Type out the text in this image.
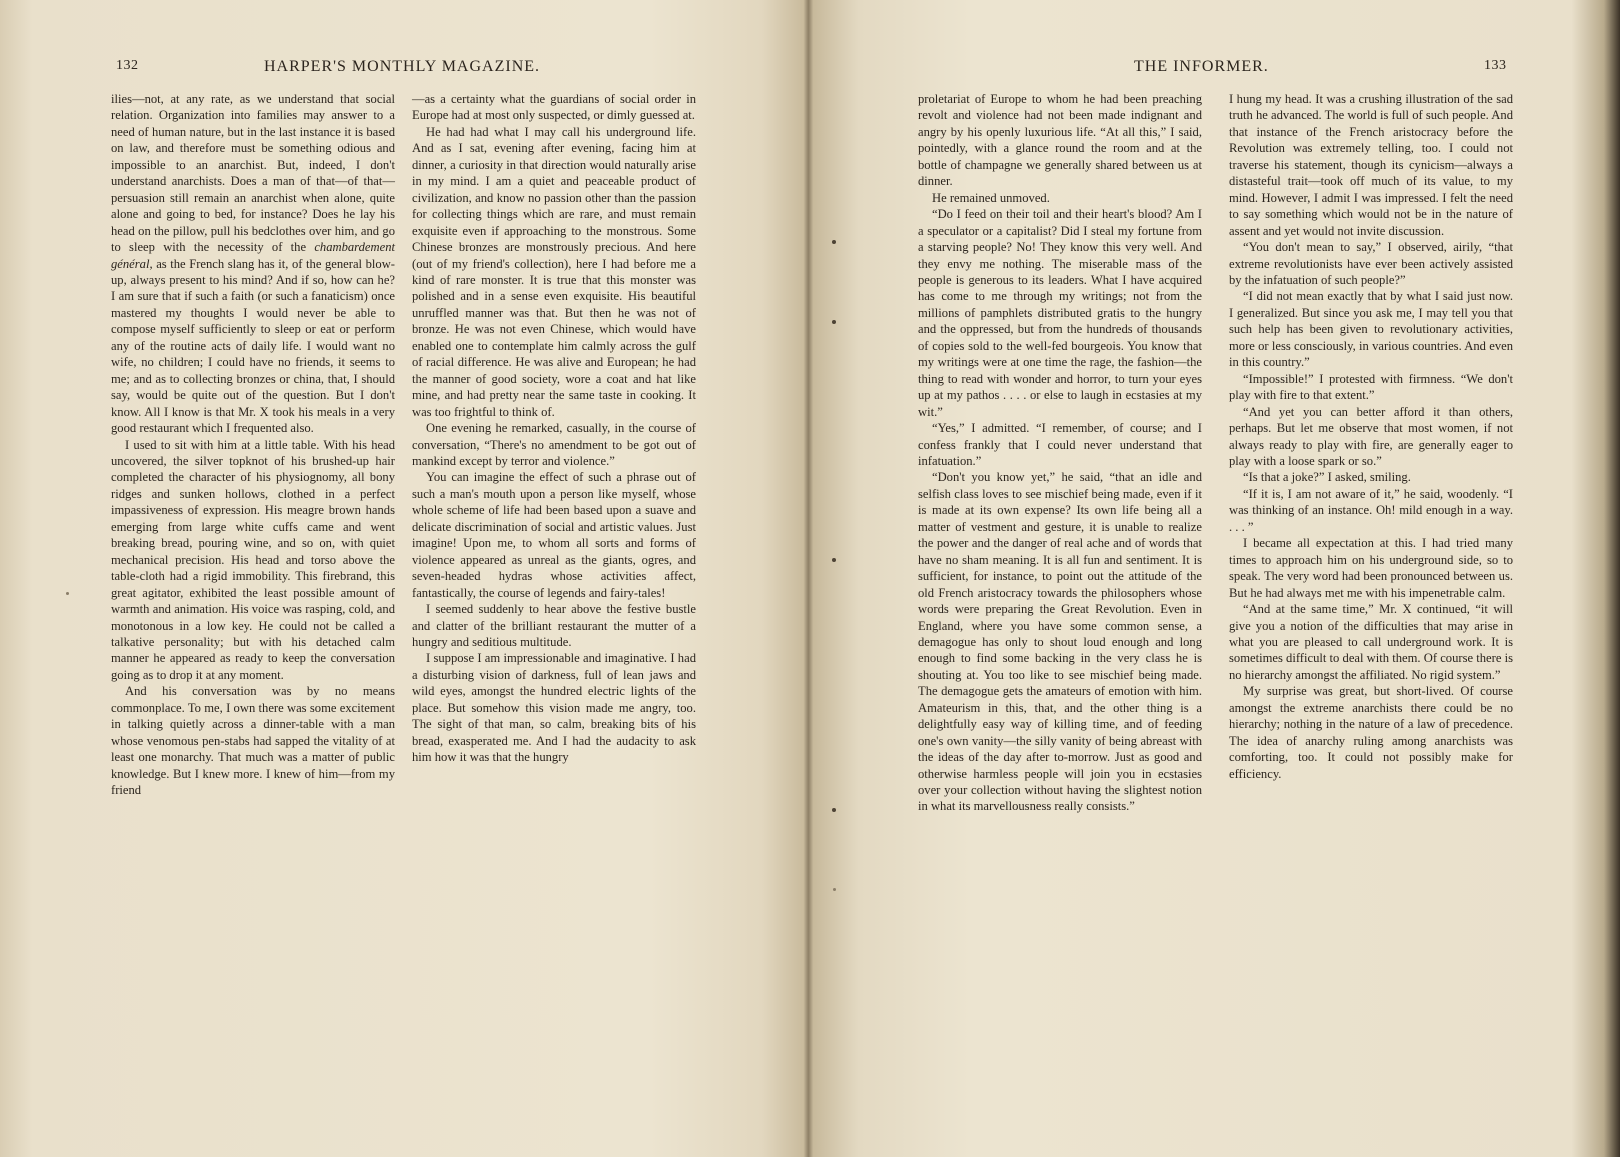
132	HARPER'S MONTHLY MAGAZINE.

ilies—not, at any rate, as we understand that social relation. Organization into families may answer to a need of human nature, but in the last instance it is based on law, and therefore must be something odious and impossible to an anarchist. But, indeed, I don't understand anarchists. Does a man of that—of that—persuasion still remain an anarchist when alone, quite alone and going to bed, for instance? Does he lay his head on the pillow, pull his bedclothes over him, and go to sleep with the necessity of the chambardement général, as the French slang has it, of the general blow-up, always present to his mind? And if so, how can he? I am sure that if such a faith (or such a fanaticism) once mastered my thoughts I would never be able to compose myself sufficiently to sleep or eat or perform any of the routine acts of daily life. I would want no wife, no children; I could have no friends, it seems to me; and as to collecting bronzes or china, that, I should say, would be quite out of the question. But I don't know. All I know is that Mr. X took his meals in a very good restaurant which I frequented also.

I used to sit with him at a little table. With his head uncovered, the silver topknot of his brushed-up hair completed the character of his physiognomy, all bony ridges and sunken hollows, clothed in a perfect impassiveness of expression. His meagre brown hands emerging from large white cuffs came and went breaking bread, pouring wine, and so on, with quiet mechanical precision. His head and torso above the table-cloth had a rigid immobility. This firebrand, this great agitator, exhibited the least possible amount of warmth and animation. His voice was rasping, cold, and monotonous in a low key. He could not be called a talkative personality; but with his detached calm manner he appeared as ready to keep the conversation going as to drop it at any moment.

And his conversation was by no means commonplace. To me, I own there was some excitement in talking quietly across a dinner-table with a man whose venomous pen-stabs had sapped the vitality of at least one monarchy. That much was a matter of public knowledge. But I knew more. I knew of him—from my friend

—as a certainty what the guardians of social order in Europe had at most only suspected, or dimly guessed at.

He had had what I may call his underground life. And as I sat, evening after evening, facing him at dinner, a curiosity in that direction would naturally arise in my mind. I am a quiet and peaceable product of civilization, and know no passion other than the passion for collecting things which are rare, and must remain exquisite even if approaching to the monstrous. Some Chinese bronzes are monstrously precious. And here (out of my friend's collection), here I had before me a kind of rare monster. It is true that this monster was polished and in a sense even exquisite. His beautiful unruffled manner was that. But then he was not of bronze. He was not even Chinese, which would have enabled one to contemplate him calmly across the gulf of racial difference. He was alive and European; he had the manner of good society, wore a coat and hat like mine, and had pretty near the same taste in cooking. It was too frightful to think of.

One evening he remarked, casually, in the course of conversation, “There's no amendment to be got out of mankind except by terror and violence.”

You can imagine the effect of such a phrase out of such a man's mouth upon a person like myself, whose whole scheme of life had been based upon a suave and delicate discrimination of social and artistic values. Just imagine! Upon me, to whom all sorts and forms of violence appeared as unreal as the giants, ogres, and seven-headed hydras whose activities affect, fantastically, the course of legends and fairy-tales!

I seemed suddenly to hear above the festive bustle and clatter of the brilliant restaurant the mutter of a hungry and seditious multitude.

I suppose I am impressionable and imaginative. I had a disturbing vision of darkness, full of lean jaws and wild eyes, amongst the hundred electric lights of the place. But somehow this vision made me angry, too. The sight of that man, so calm, breaking bits of his bread, exasperated me. And I had the audacity to ask him how it was that the hungry

THE INFORMER.	133

proletariat of Europe to whom he had been preaching revolt and violence had not been made indignant and angry by his openly luxurious life. “At all this,” I said, pointedly, with a glance round the room and at the bottle of champagne we generally shared between us at dinner.

He remained unmoved.

“Do I feed on their toil and their heart's blood? Am I a speculator or a capitalist? Did I steal my fortune from a starving people? No! They know this very well. And they envy me nothing. The miserable mass of the people is generous to its leaders. What I have acquired has come to me through my writings; not from the millions of pamphlets distributed gratis to the hungry and the oppressed, but from the hundreds of thousands of copies sold to the well-fed bourgeois. You know that my writings were at one time the rage, the fashion—the thing to read with wonder and horror, to turn your eyes up at my pathos . . . . or else to laugh in ecstasies at my wit.”

“Yes,” I admitted. “I remember, of course; and I confess frankly that I could never understand that infatuation.”

“Don't you know yet,” he said, “that an idle and selfish class loves to see mischief being made, even if it is made at its own expense? Its own life being all a matter of vestment and gesture, it is unable to realize the power and the danger of real ache and of words that have no sham meaning. It is all fun and sentiment. It is sufficient, for instance, to point out the attitude of the old French aristocracy towards the philosophers whose words were preparing the Great Revolution. Even in England, where you have some common sense, a demagogue has only to shout loud enough and long enough to find some backing in the very class he is shouting at. You too like to see mischief being made. The demagogue gets the amateurs of emotion with him. Amateurism in this, that, and the other thing is a delightfully easy way of killing time, and of feeding one's own vanity—the silly vanity of being abreast with the ideas of the day after to-morrow. Just as good and otherwise harmless people will join you in ecstasies over your collection without having the slightest notion in what its marvellousness really consists.”

I hung my head. It was a crushing illustration of the sad truth he advanced. The world is full of such people. And that instance of the French aristocracy before the Revolution was extremely telling, too. I could not traverse his statement, though its cynicism—always a distasteful trait—took off much of its value, to my mind. However, I admit I was impressed. I felt the need to say something which would not be in the nature of assent and yet would not invite discussion.

“You don't mean to say,” I observed, airily, “that extreme revolutionists have ever been actively assisted by the infatuation of such people?”

“I did not mean exactly that by what I said just now. I generalized. But since you ask me, I may tell you that such help has been given to revolutionary activities, more or less consciously, in various countries. And even in this country.”

“Impossible!” I protested with firmness. “We don't play with fire to that extent.”

“And yet you can better afford it than others, perhaps. But let me observe that most women, if not always ready to play with fire, are generally eager to play with a loose spark or so.”

“Is that a joke?” I asked, smiling.

“If it is, I am not aware of it,” he said, woodenly. “I was thinking of an instance. Oh! mild enough in a way. . . . ”

I became all expectation at this. I had tried many times to approach him on his underground side, so to speak. The very word had been pronounced between us. But he had always met me with his impenetrable calm.

“And at the same time,” Mr. X continued, “it will give you a notion of the difficulties that may arise in what you are pleased to call underground work. It is sometimes difficult to deal with them. Of course there is no hierarchy amongst the affiliated. No rigid system.”

My surprise was great, but short-lived. Of course amongst the extreme anarchists there could be no hierarchy; nothing in the nature of a law of precedence. The idea of anarchy ruling among anarchists was comforting, too. It could not possibly make for efficiency.
